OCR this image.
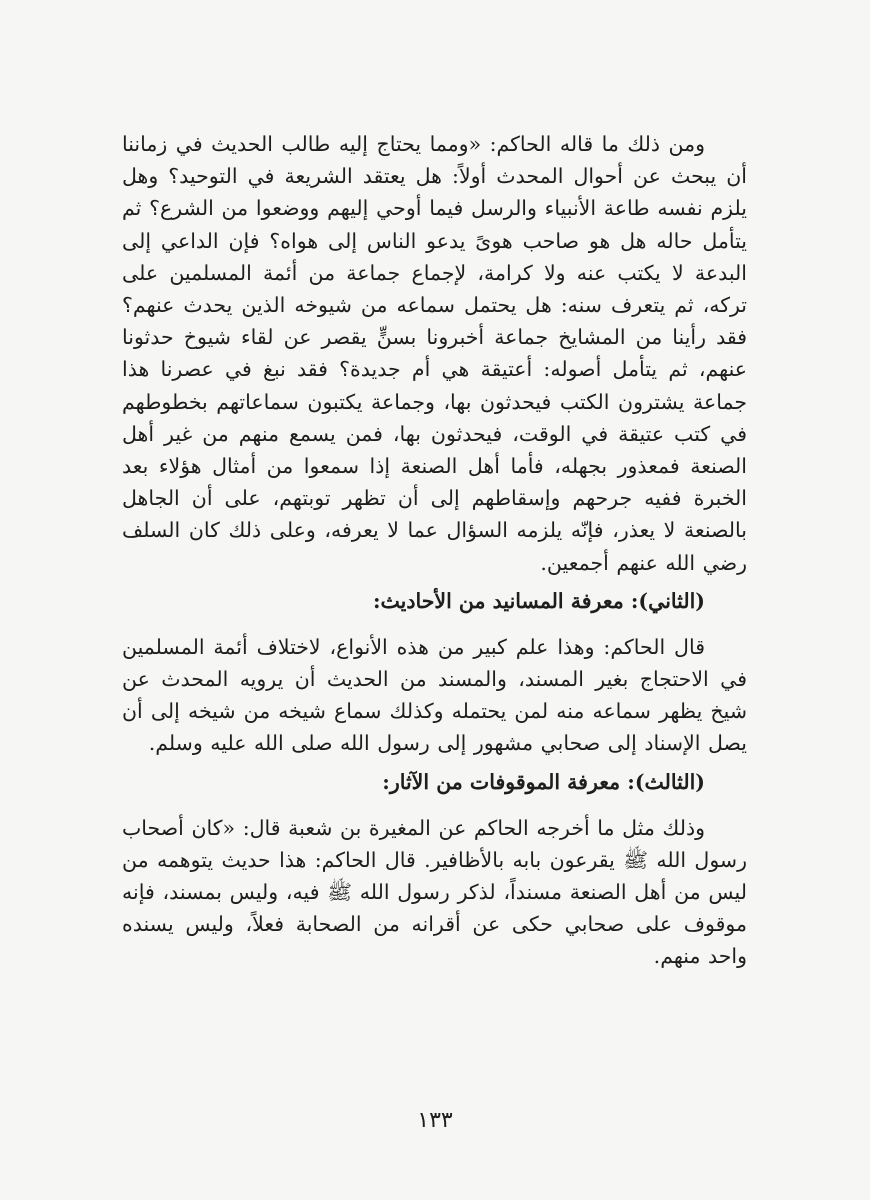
ومن ذلك ما قاله الحاكم: «ومما يحتاج إليه طالب الحديث في زماننا أن يبحث عن أحوال المحدث أولاً: هل يعتقد الشريعة في التوحيد؟ وهل يلزم نفسه طاعة الأنبياء والرسل فيما أوحي إليهم ووضعوا من الشرع؟ ثم يتأمل حاله هل هو صاحب هوىً يدعو الناس إلى هواه؟ فإن الداعي إلى البدعة لا يكتب عنه ولا كرامة، لإجماع جماعة من أئمة المسلمين على تركه، ثم يتعرف سنه: هل يحتمل سماعه من شيوخه الذين يحدث عنهم؟ فقد رأينا من المشايخ جماعة أخبرونا بسنٍّ يقصر عن لقاء شيوخ حدثونا عنهم، ثم يتأمل أصوله: أعتيقة هي أم جديدة؟ فقد نبغ في عصرنا هذا جماعة يشترون الكتب فيحدثون بها، وجماعة يكتبون سماعاتهم بخطوطهم في كتب عتيقة في الوقت، فيحدثون بها، فمن يسمع منهم من غير أهل الصنعة فمعذور بجهله، فأما أهل الصنعة إذا سمعوا من أمثال هؤلاء بعد الخبرة ففيه جرحهم وإسقاطهم إلى أن تظهر توبتهم، على أن الجاهل بالصنعة لا يعذر، فإنّه يلزمه السؤال عما لا يعرفه، وعلى ذلك كان السلف رضي الله عنهم أجمعين.

(الثاني): معرفة المسانيد من الأحاديث:

قال الحاكم: وهذا علم كبير من هذه الأنواع، لاختلاف أئمة المسلمين في الاحتجاج بغير المسند، والمسند من الحديث أن يرويه المحدث عن شيخ يظهر سماعه منه لمن يحتمله وكذلك سماع شيخه من شيخه إلى أن يصل الإسناد إلى صحابي مشهور إلى رسول الله صلى الله عليه وسلم.

(الثالث): معرفة الموقوفات من الآثار:

وذلك مثل ما أخرجه الحاكم عن المغيرة بن شعبة قال: «كان أصحاب رسول الله ﷺ يقرعون بابه بالأظافير. قال الحاكم: هذا حديث يتوهمه من ليس من أهل الصنعة مسنداً، لذكر رسول الله ﷺ فيه، وليس بمسند، فإنه موقوف على صحابي حكى عن أقرانه من الصحابة فعلاً، وليس يسنده واحد منهم.

١٣٣
